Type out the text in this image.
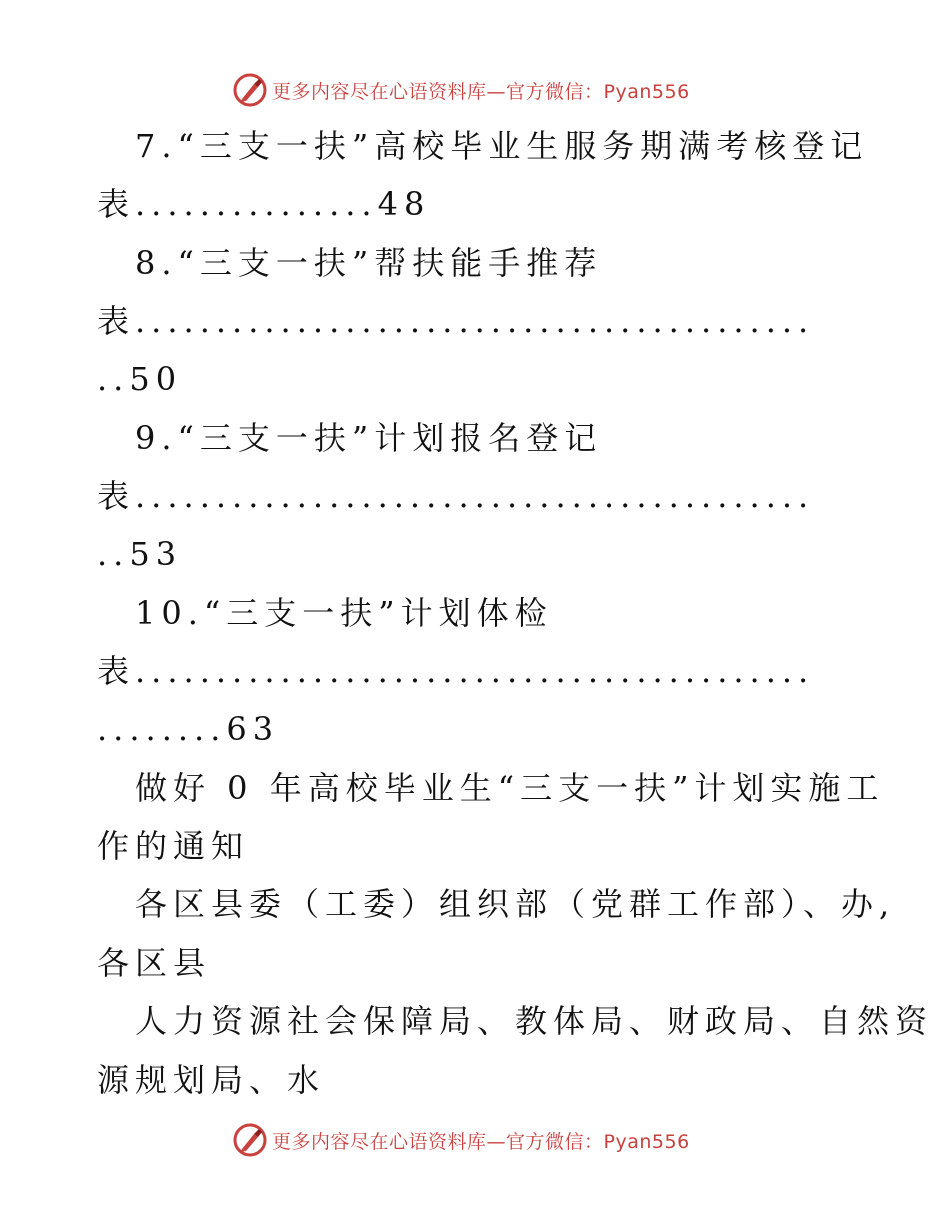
更多内容尽在心语资料库—官方微信：Pyan556
7.“三支一扶”高校毕业生服务期满考核登记
表...............48
8.“三支一扶”帮扶能手推荐
表..........................................
..50
9.“三支一扶”计划报名登记
表..........................................
..53
10.“三支一扶”计划体检
表..........................................
........63
做好 0 年高校毕业生“三支一扶”计划实施工
作的通知
各区县委（工委）组织部（党群工作部）、办,
各区县
人力资源社会保障局、教体局、财政局、自然资
源规划局、水
更多内容尽在心语资料库—官方微信：Pyan556
